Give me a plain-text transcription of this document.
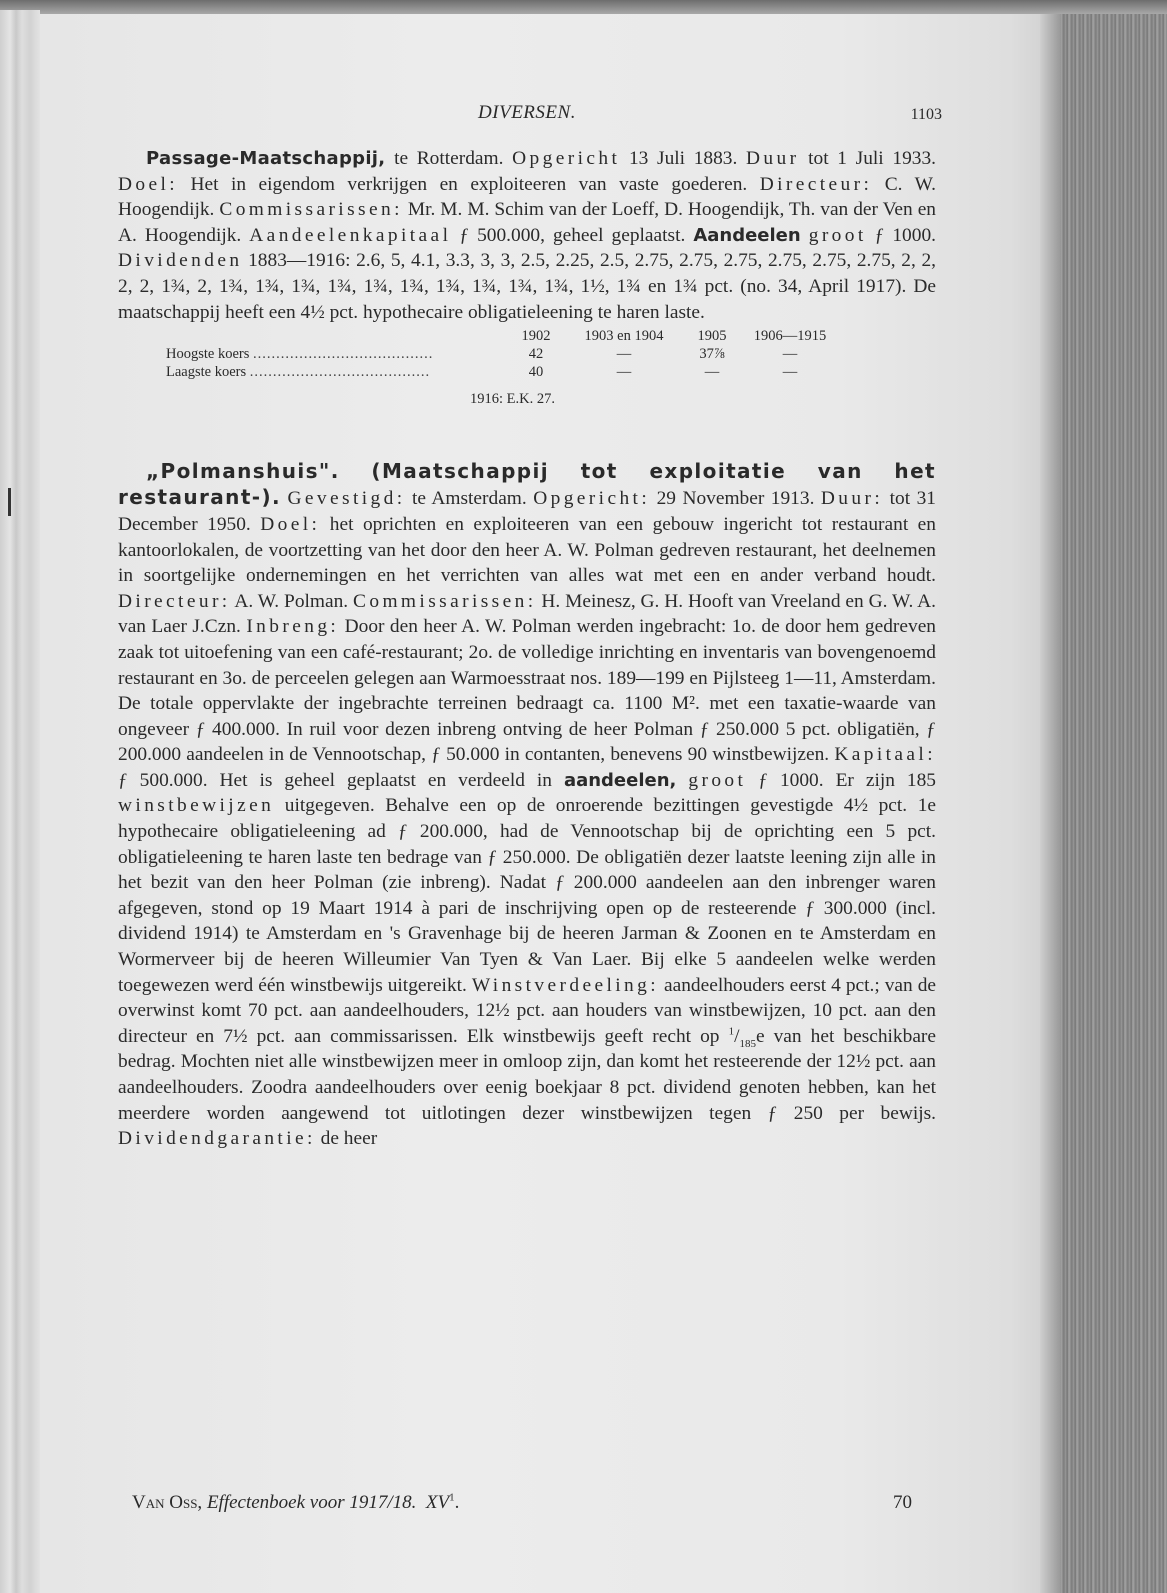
DIVERSEN.	1103

Passage-Maatschappij, te Rotterdam. Opgericht 13 Juli 1883. Duur tot 1 Juli 1933. Doel: Het in eigendom verkrijgen en exploiteeren van vaste goederen. Directeur: C. W. Hoogendijk. Commissarissen: Mr. M. M. Schim van der Loeff, D. Hoogendijk, Th. van der Ven en A. Hoogendijk. Aandeelenkapitaal ƒ 500.000, geheel geplaatst. Aandeelen groot ƒ 1000. Dividenden 1883—1916: 2.6, 5, 4.1, 3.3, 3, 3, 2.5, 2.25, 2.5, 2.75, 2.75, 2.75, 2.75, 2.75, 2.75, 2, 2, 2, 2, 1¾, 2, 1¾, 1¾, 1¾, 1¾, 1¾, 1¾, 1¾, 1¾, 1¾, 1¾, 1½, 1¾ en 1¾ pct. (no. 34, April 1917). De maatschappij heeft een 4½ pct. hypothecaire obligatieleening te haren laste.

	1902	1903 en 1904	1905	1906—1915
Hoogste koers .......................................	42	—	37⅞	—
Laagste koers .......................................	40	—	—	—

1916: E.K. 27.

„Polmanshuis". (Maatschappij tot exploitatie van het restaurant-). Gevestigd: te Amsterdam. Opgericht: 29 November 1913. Duur: tot 31 December 1950. Doel: het oprichten en exploiteeren van een gebouw ingericht tot restaurant en kantoorlokalen, de voortzetting van het door den heer A. W. Polman gedreven restaurant, het deelnemen in soortgelijke ondernemingen en het verrichten van alles wat met een en ander verband houdt. Directeur: A. W. Polman. Commissarissen: H. Meinesz, G. H. Hooft van Vreeland en G. W. A. van Laer J.Czn. Inbreng: Door den heer A. W. Polman werden ingebracht: 1o. de door hem gedreven zaak tot uitoefening van een café-restaurant; 2o. de volledige inrichting en inventaris van bovengenoemd restaurant en 3o. de perceelen gelegen aan Warmoesstraat nos. 189—199 en Pijlsteeg 1—11, Amsterdam. De totale oppervlakte der ingebrachte terreinen bedraagt ca. 1100 M². met een taxatie-waarde van ongeveer ƒ 400.000. In ruil voor dezen inbreng ontving de heer Polman ƒ 250.000 5 pct. obligatiën, ƒ 200.000 aandeelen in de Vennootschap, ƒ 50.000 in contanten, benevens 90 winstbewijzen. Kapitaal: ƒ 500.000. Het is geheel geplaatst en verdeeld in aandeelen, groot ƒ 1000. Er zijn 185 winstbewijzen uitgegeven. Behalve een op de onroerende bezittingen gevestigde 4½ pct. 1e hypothecaire obligatieleening ad ƒ 200.000, had de Vennootschap bij de oprichting een 5 pct. obligatieleening te haren laste ten bedrage van ƒ 250.000. De obligatiën dezer laatste leening zijn alle in het bezit van den heer Polman (zie inbreng). Nadat ƒ 200.000 aandeelen aan den inbrenger waren afgegeven, stond op 19 Maart 1914 à pari de inschrijving open op de resteerende ƒ 300.000 (incl. dividend 1914) te Amsterdam en 's Gravenhage bij de heeren Jarman & Zoonen en te Amsterdam en Wormerveer bij de heeren Willeumier Van Tyen & Van Laer. Bij elke 5 aandeelen welke werden toegewezen werd één winstbewijs uitgereikt. Winstverdeeling: aandeelhouders eerst 4 pct.; van de overwinst komt 70 pct. aan aandeelhouders, 12½ pct. aan houders van winstbewijzen, 10 pct. aan den directeur en 7½ pct. aan commissarissen. Elk winstbewijs geeft recht op $^1/_{185}e$ van het beschikbare bedrag. Mochten niet alle winstbewijzen meer in omloop zijn, dan komt het resteerende der 12½ pct. aan aandeelhouders. Zoodra aandeelhouders over eenig boekjaar 8 pct. dividend genoten hebben, kan het meerdere worden aangewend tot uitlotingen dezer winstbewijzen tegen ƒ 250 per bewijs. Dividendgarantie: de heer

Van Oss, Effectenboek voor 1917/18. $XV^1$.	70
